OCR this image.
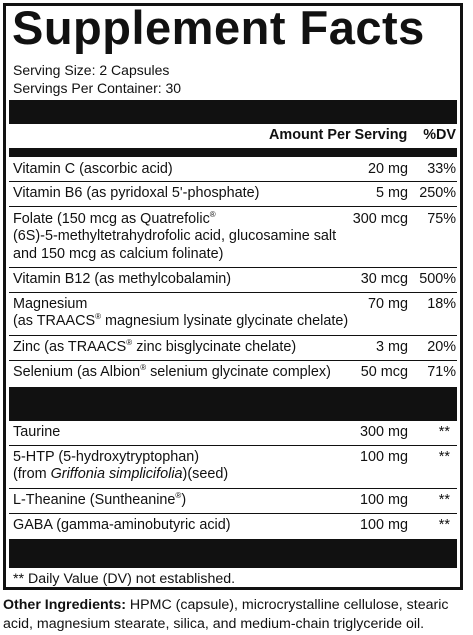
Supplement Facts
Serving Size: 2 Capsules
Servings Per Container: 30
Amount Per Serving	%DV
Vitamin C (ascorbic acid)	20 mg	33%
Vitamin B6 (as pyridoxal 5'-phosphate)	5 mg 250%
Folate (150 mcg as Quatrefolic®
(6S)-5-methyltetrahydrofolic acid, glucosamine salt
and 150 mcg as calcium folinate)
300 mcg	75%
Vitamin B12 (as methylcobalamin)	30 mcg 500%
Magnesium
(as TRAACS® magnesium lysinate glycinate chelate)
70 mg	18%
Zinc (as TRAACS® zinc bisglycinate chelate)	3 mg	20%
Selenium (as Albion® selenium glycinate complex)	50 mcg	71%
Taurine	300 mg	**
5-HTP (5-hydroxytryptophan)
(from Griffonia simplicifolia)(seed)
100 mg	**
L-Theanine (Suntheanine®)	100 mg	**
GABA (gamma-aminobutyric acid)	100 mg	**
** Daily Value (DV) not established.
Other Ingredients: HPMC (capsule), microcrystalline cellulose, stearic acid, magnesium stearate, silica, and medium-chain triglyceride oil.
